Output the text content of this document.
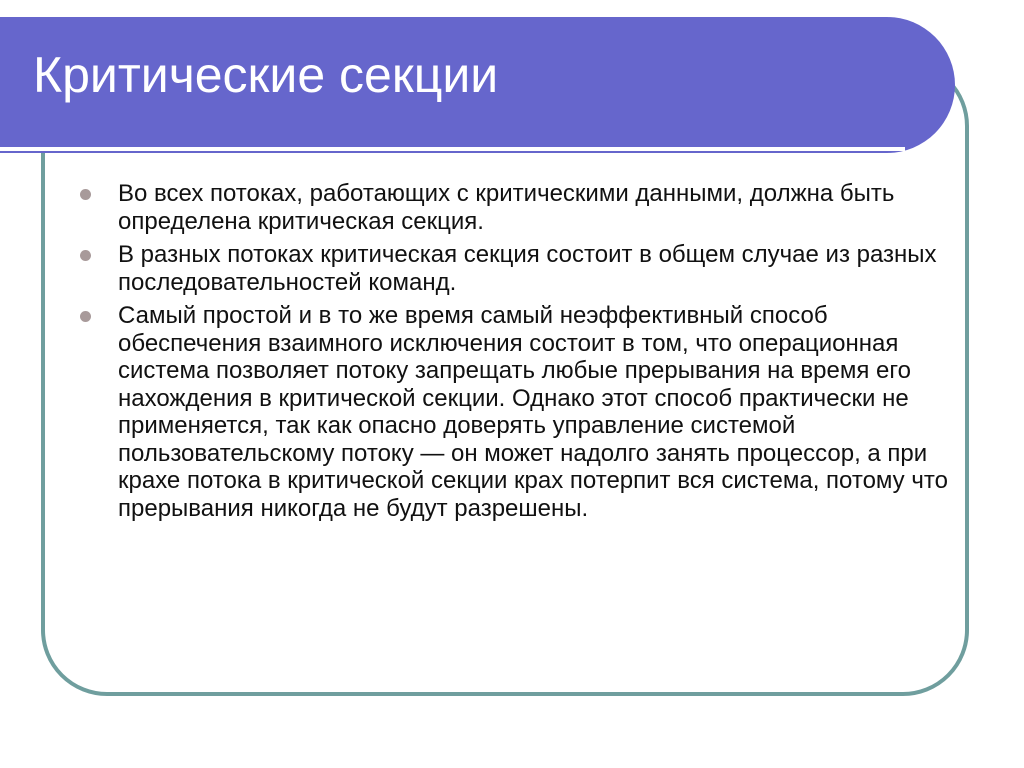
Критические секции
Во всех потоках, работающих с критическими данными, должна быть определена критическая секция.
В разных потоках критическая секция состоит в общем случае из разных последовательностей команд.
Самый простой и в то же время самый неэффективный способ обеспечения взаимного исключения состоит в том, что операционная система позволяет потоку запрещать любые прерывания на время его нахождения в критической секции. Однако этот способ практически не применяется, так как опасно доверять управление системой пользовательскому потоку — он может надолго занять процессор, а при крахе потока в критической секции крах потерпит вся система, потому что прерывания никогда не будут разрешены.
